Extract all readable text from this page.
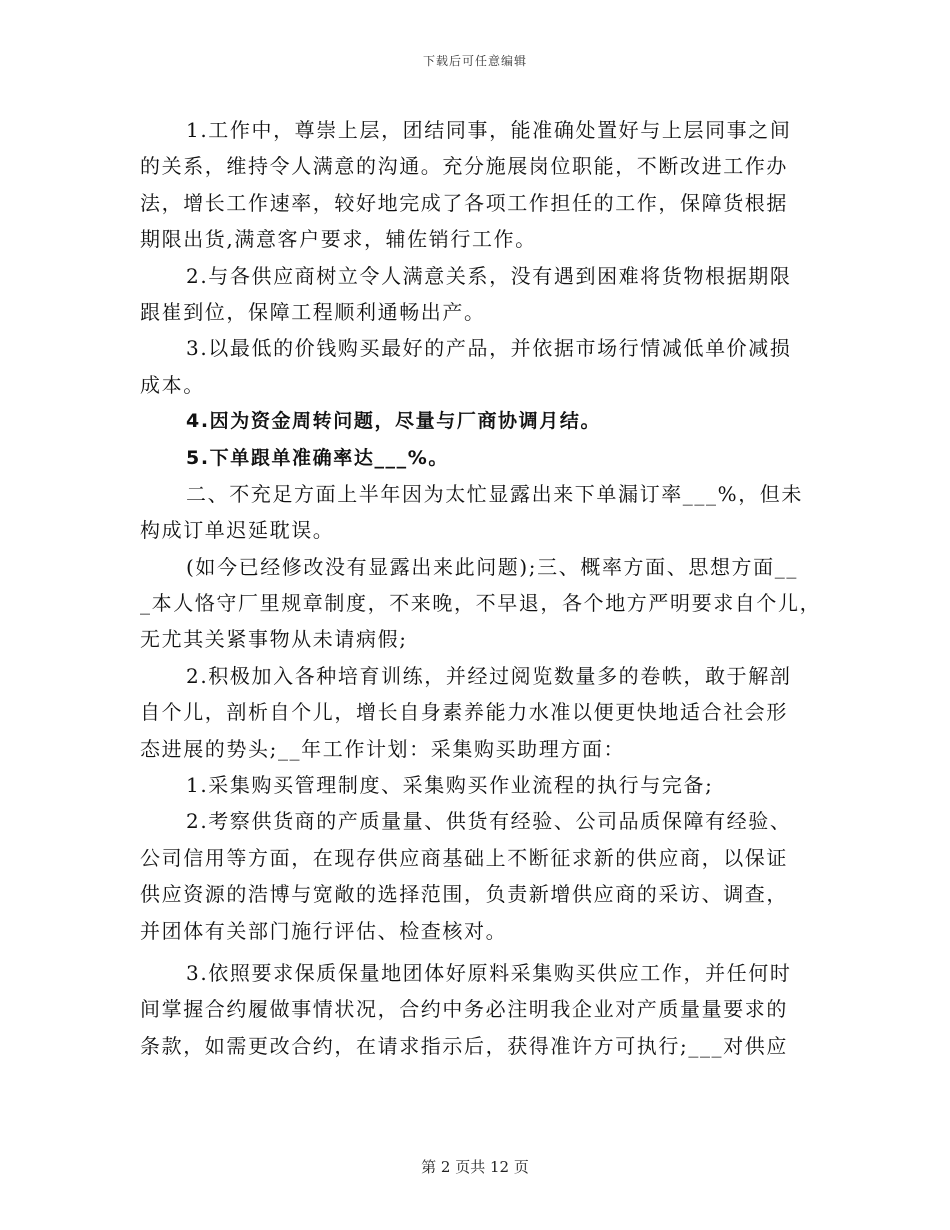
下载后可任意编辑
1.工作中，尊崇上层，团结同事，能准确处置好与上层同事之间
的关系，维持令人满意的沟通。充分施展岗位职能，不断改进工作办
法，增长工作速率，较好地完成了各项工作担任的工作，保障货根据
期限出货,满意客户要求，辅佐销行工作。
2.与各供应商树立令人满意关系，没有遇到困难将货物根据期限
跟崔到位，保障工程顺利通畅出产。
3.以最低的价钱购买最好的产品，并依据市场行情减低单价减损
成本。
4.因为资金周转问题，尽量与厂商协调月结。
5.下单跟单准确率达___%。
二、不充足方面上半年因为太忙显露出来下单漏订率___%，但未
构成订单迟延耽误。
(如今已经修改没有显露出来此问题);三、概率方面、思想方面__
_本人恪守厂里规章制度，不来晚，不早退，各个地方严明要求自个儿，
无尤其关紧事物从未请病假;
2.积极加入各种培育训练，并经过阅览数量多的卷帙，敢于解剖
自个儿，剖析自个儿，增长自身素养能力水准以便更快地适合社会形
态进展的势头;__年工作计划：采集购买助理方面：
1.采集购买管理制度、采集购买作业流程的执行与完备;
2.考察供货商的产质量量、供货有经验、公司品质保障有经验、
公司信用等方面，在现存供应商基础上不断征求新的供应商，以保证
供应资源的浩博与宽敞的选择范围，负责新增供应商的采访、调查，
并团体有关部门施行评估、检查核对。
3.依照要求保质保量地团体好原料采集购买供应工作，并任何时
间掌握合约履做事情状况，合约中务必注明我企业对产质量量要求的
条款，如需更改合约，在请求指示后，获得准许方可执行;___对供应
第 2 页共 12 页
